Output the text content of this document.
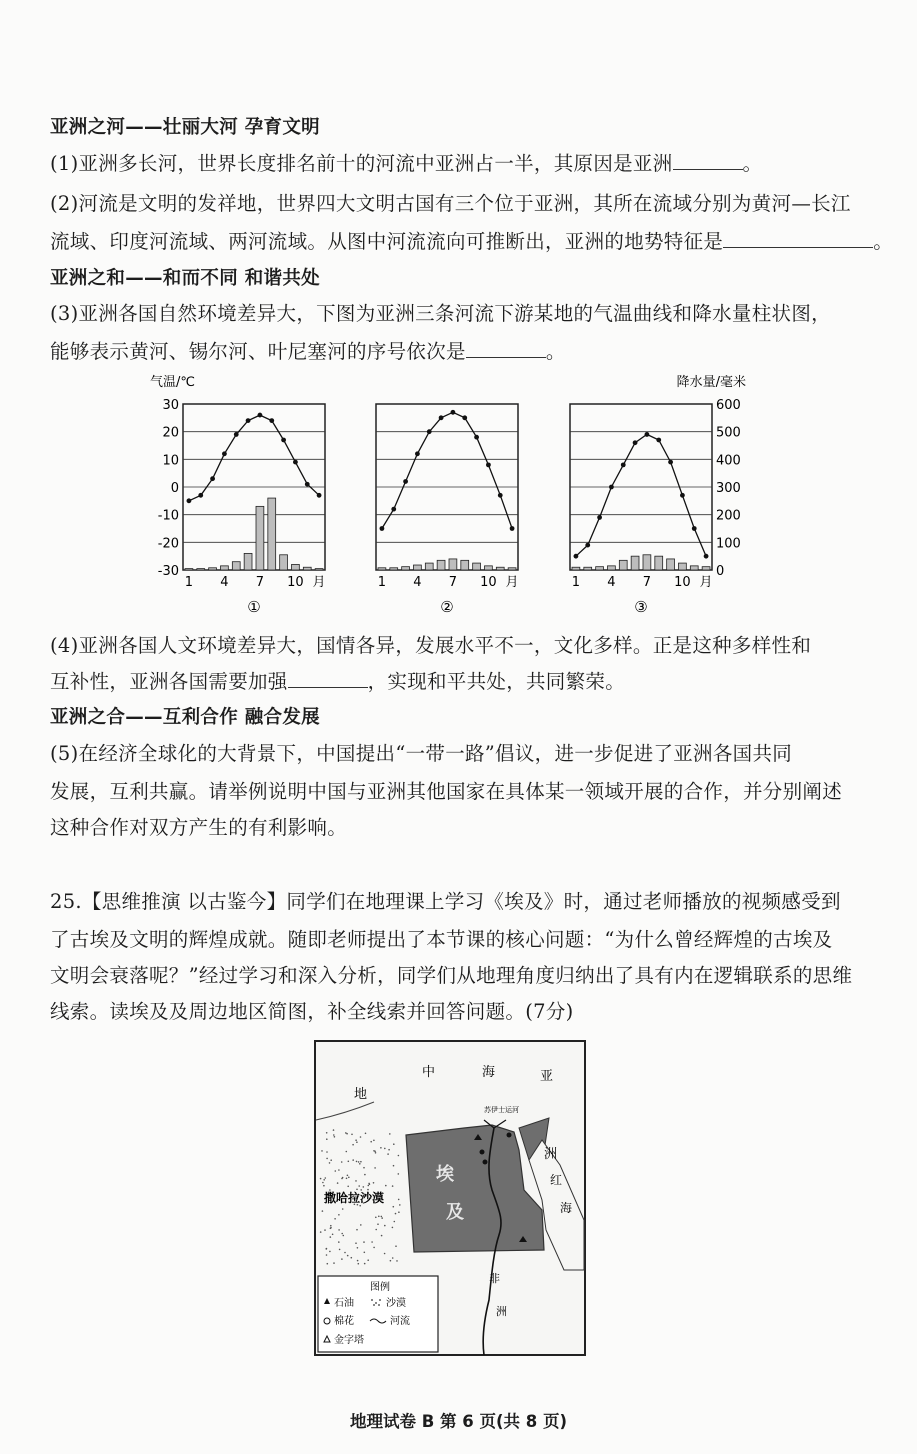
亚洲之河——壮丽大河 孕育文明
(1)亚洲多长河，世界长度排名前十的河流中亚洲占一半，其原因是亚洲	。
(2)河流是文明的发祥地，世界四大文明古国有三个位于亚洲，其所在流域分别为黄河—长江
流域、印度河流域、两河流域。从图中河流流向可推断出，亚洲的地势特征是	。
亚洲之和——和而不同 和谐共处
(3)亚洲各国自然环境差异大，下图为亚洲三条河流下游某地的气温曲线和降水量柱状图，
能够表示黄河、锡尔河、叶尼塞河的序号依次是	。
1 4 7 10 月
①
30
20
10
0
-10
-20
-30
气温/℃
1 4 7 10 月
②
1 4 7 10 月
③
600
500
400
300
200
100
0
降水量/毫米
(4)亚洲各国人文环境差异大，国情各异，发展水平不一，文化多样。正是这种多样性和
互补性，亚洲各国需要加强	，实现和平共处，共同繁荣。
亚洲之合——互利合作 融合发展
(5)在经济全球化的大背景下，中国提出“一带一路”倡议，进一步促进了亚洲各国共同
发展，互利共赢。请举例说明中国与亚洲其他国家在具体某一领域开展的合作，并分别阐述
这种合作对双方产生的有利影响。
25.【思维推演 以古鉴今】同学们在地理课上学习《埃及》时，通过老师播放的视频感受到
了古埃及文明的辉煌成就。随即老师提出了本节课的核心问题：“为什么曾经辉煌的古埃及
文明会衰落呢？”经过学习和深入分析，同学们从地理角度归纳出了具有内在逻辑联系的思维
线索。读埃及及周边地区简图，补全线索并回答问题。(7分)
地
中	海	亚
洲
红
海
苏伊士运河
埃
及
撒哈拉沙漠
非
洲
图例
石油	沙漠
棉花	河流
金字塔
地理试卷 B 第 6 页(共 8 页)
